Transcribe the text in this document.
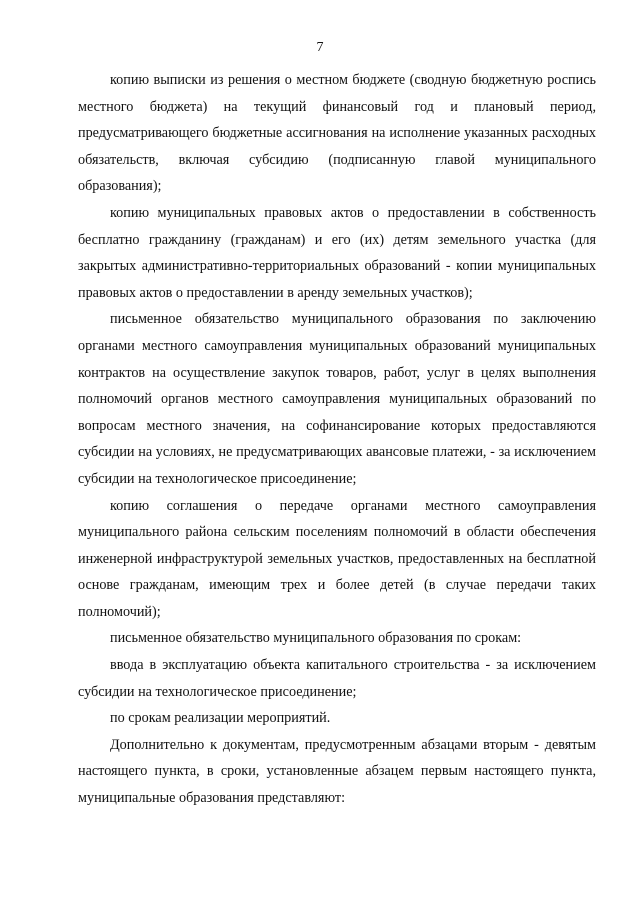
7

копию выписки из решения о местном бюджете (сводную бюджетную роспись местного бюджета) на текущий финансовый год и плановый период, предусматривающего бюджетные ассигнования на исполнение указанных расходных обязательств, включая субсидию (подписанную главой муниципального образования);

копию муниципальных правовых актов о предоставлении в собственность бесплатно гражданину (гражданам) и его (их) детям земельного участка (для закрытых административно-территориальных образований - копии муниципальных правовых актов о предоставлении в аренду земельных участков);

письменное обязательство муниципального образования по заключению органами местного самоуправления муниципальных образований муниципальных контрактов на осуществление закупок товаров, работ, услуг в целях выполнения полномочий органов местного самоуправления муниципальных образований по вопросам местного значения, на софинансирование которых предоставляются субсидии на условиях, не предусматривающих авансовые платежи, - за исключением субсидии на технологическое присоединение;

копию соглашения о передаче органами местного самоуправления муниципального района сельским поселениям полномочий в области обеспечения инженерной инфраструктурой земельных участков, предоставленных на бесплатной основе гражданам, имеющим трех и более детей (в случае передачи таких полномочий);

письменное обязательство муниципального образования по срокам:

ввода в эксплуатацию объекта капитального строительства - за исключением субсидии на технологическое присоединение;

по срокам реализации мероприятий.

Дополнительно к документам, предусмотренным абзацами вторым - девятым настоящего пункта, в сроки, установленные абзацем первым настоящего пункта, муниципальные образования представляют:
